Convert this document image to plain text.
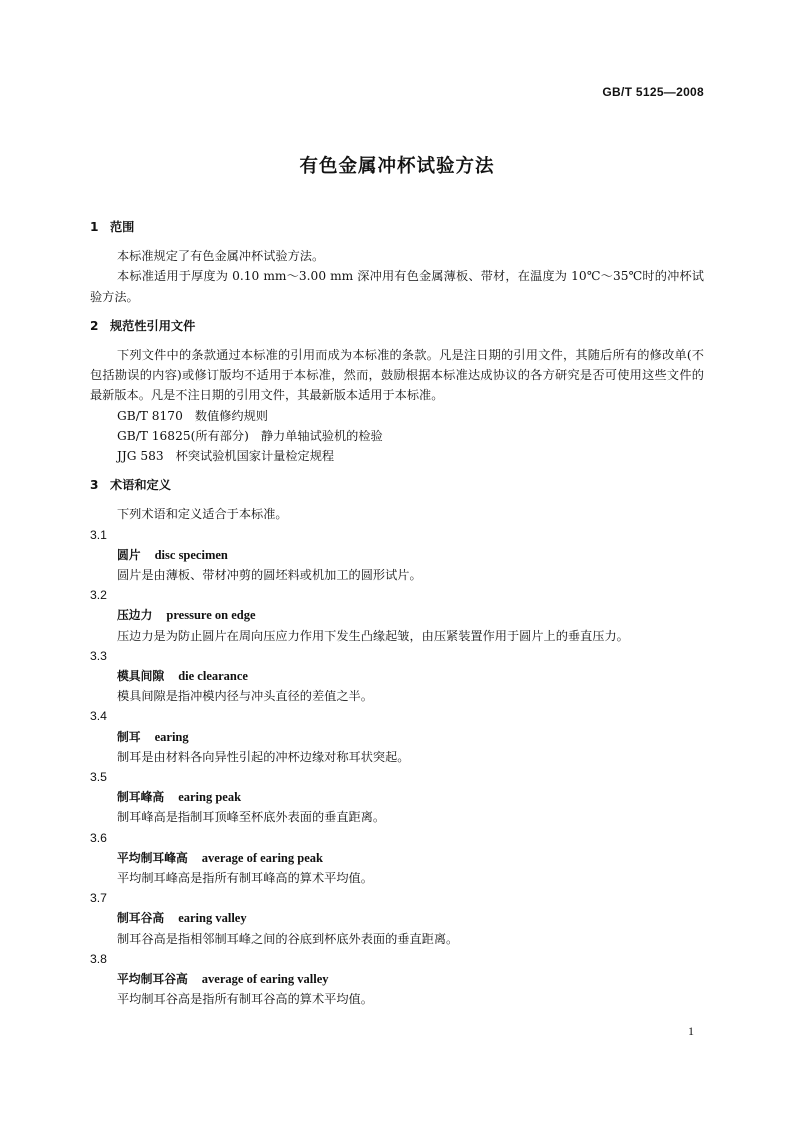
GB/T 5125—2008
有色金属冲杯试验方法
1 范围

本标准规定了有色金属冲杯试验方法。

本标准适用于厚度为 0.10 mm～3.00 mm 深冲用有色金属薄板、带材，在温度为 10℃～35℃时的冲杯试验方法。

2 规范性引用文件

下列文件中的条款通过本标准的引用而成为本标准的条款。凡是注日期的引用文件，其随后所有的修改单(不包括勘误的内容)或修订版均不适用于本标准，然而，鼓励根据本标准达成协议的各方研究是否可使用这些文件的最新版本。凡是不注日期的引用文件，其最新版本适用于本标准。

GB/T 8170 数值修约规则

GB/T 16825(所有部分) 静力单轴试验机的检验

JJG 583 杯突试验机国家计量检定规程

3 术语和定义

下列术语和定义适合于本标准。

3.1

圆片 disc specimen

圆片是由薄板、带材冲剪的圆坯料或机加工的圆形试片。

3.2

压边力 pressure on edge

压边力是为防止圆片在周向压应力作用下发生凸缘起皱，由压紧装置作用于圆片上的垂直压力。

3.3

模具间隙 die clearance

模具间隙是指冲模内径与冲头直径的差值之半。

3.4

制耳 earing

制耳是由材料各向异性引起的冲杯边缘对称耳状突起。

3.5

制耳峰高 earing peak

制耳峰高是指制耳顶峰至杯底外表面的垂直距离。

3.6

平均制耳峰高 average of earing peak

平均制耳峰高是指所有制耳峰高的算术平均值。

3.7

制耳谷高 earing valley

制耳谷高是指相邻制耳峰之间的谷底到杯底外表面的垂直距离。

3.8

平均制耳谷高 average of earing valley

平均制耳谷高是指所有制耳谷高的算术平均值。

1
